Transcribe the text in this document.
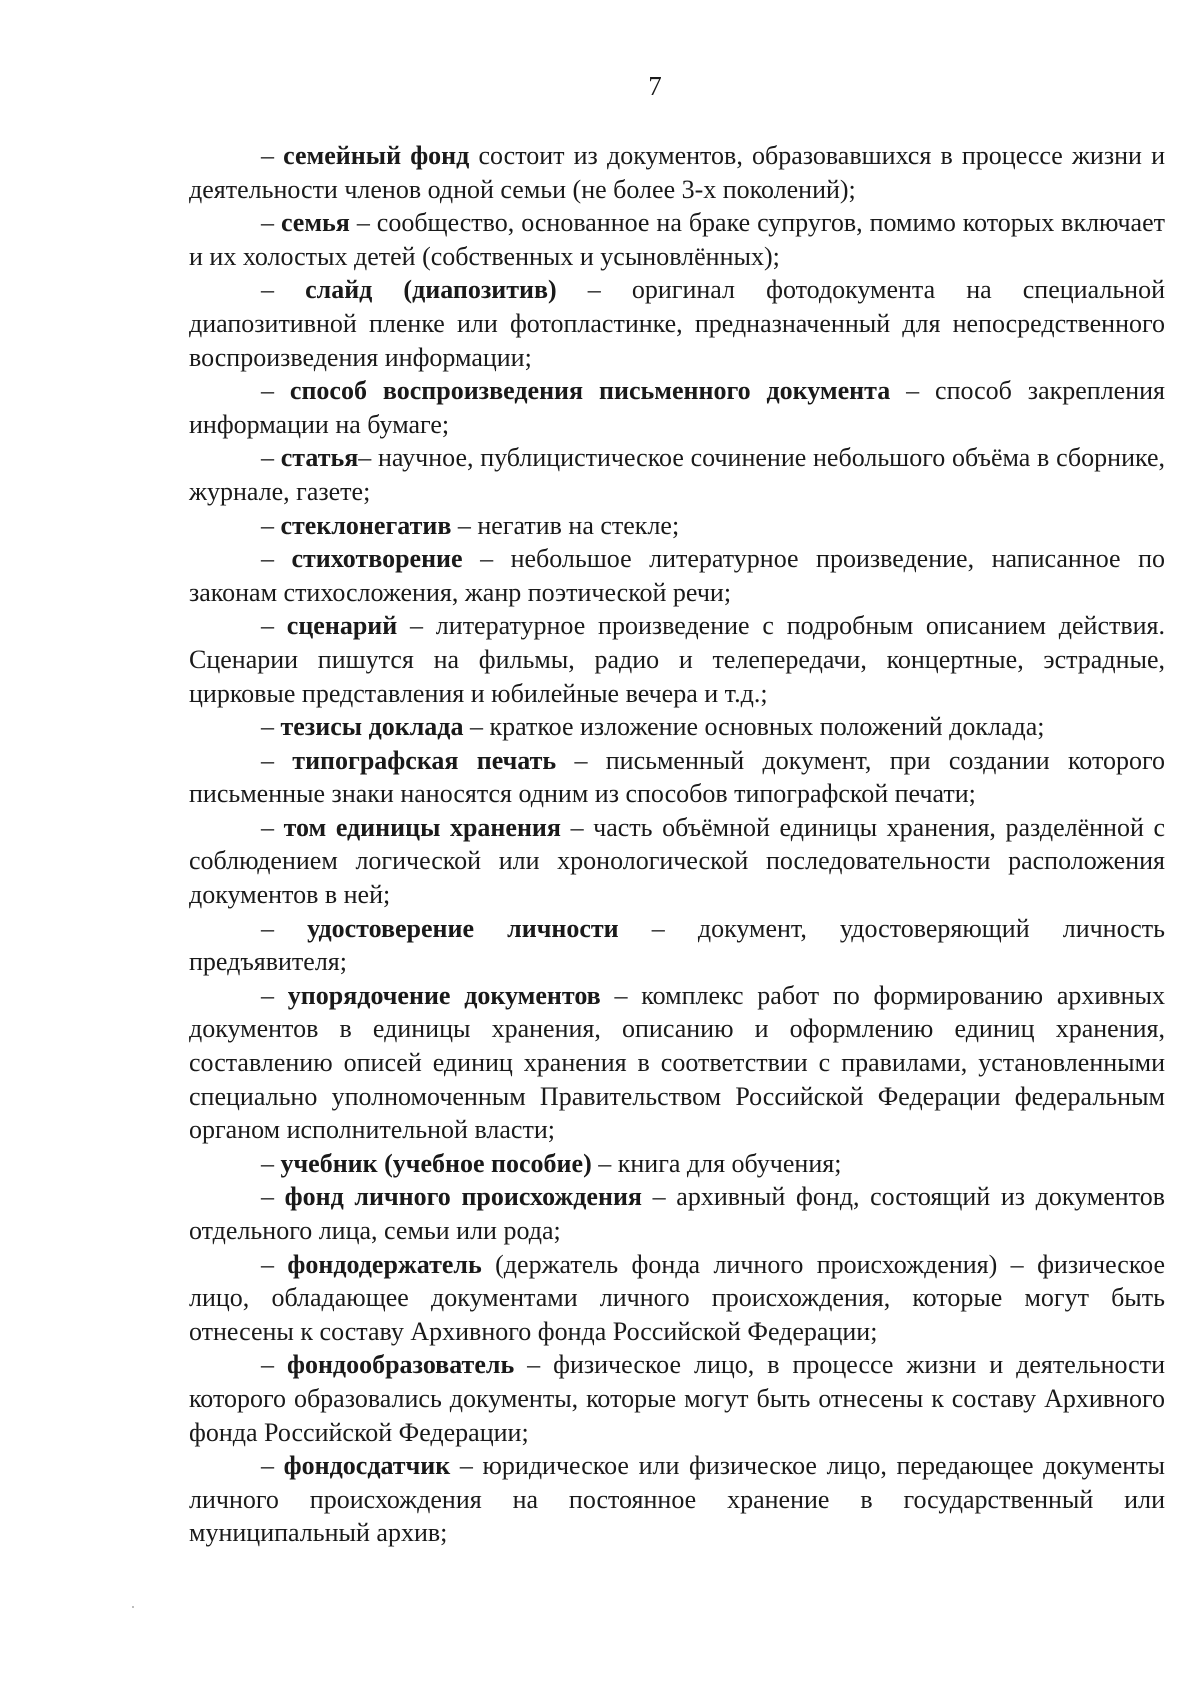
7

– семейный фонд состоит из документов, образовавшихся в процессе жизни и деятельности членов одной семьи (не более 3-х поколений);

– семья – сообщество, основанное на браке супругов, помимо которых включает и их холостых детей (собственных и усыновлённых);

– слайд (диапозитив) – оригинал фотодокумента на специальной диапозитивной пленке или фотопластинке, предназначенный для непосредственного воспроизведения информации;

– способ воспроизведения письменного документа – способ закрепления информации на бумаге;

– статья– научное, публицистическое сочинение небольшого объёма в сборнике, журнале, газете;

– стеклонегатив – негатив на стекле;

– стихотворение – небольшое литературное произведение, написанное по законам стихосложения, жанр поэтической речи;

– сценарий – литературное произведение с подробным описанием действия. Сценарии пишутся на фильмы, радио и телепередачи, концертные, эстрадные, цирковые представления и юбилейные вечера и т.д.;

– тезисы доклада – краткое изложение основных положений доклада;

– типографская печать – письменный документ, при создании которого письменные знаки наносятся одним из способов типографской печати;

– том единицы хранения – часть объёмной единицы хранения, разделённой с соблюдением логической или хронологической последовательности расположения документов в ней;

– удостоверение личности – документ, удостоверяющий личность предъявителя;

– упорядочение документов – комплекс работ по формированию архивных документов в единицы хранения, описанию и оформлению единиц хранения, составлению описей единиц хранения в соответствии с правилами, установленными специально уполномоченным Правительством Российской Федерации федеральным органом исполнительной власти;

– учебник (учебное пособие) – книга для обучения;

– фонд личного происхождения – архивный фонд, состоящий из документов отдельного лица, семьи или рода;

– фондодержатель (держатель фонда личного происхождения) – физическое лицо, обладающее документами личного происхождения, которые могут быть отнесены к составу Архивного фонда Российской Федерации;

– фондообразователь – физическое лицо, в процессе жизни и деятельности которого образовались документы, которые могут быть отнесены к составу Архивного фонда Российской Федерации;

– фондосдатчик – юридическое или физическое лицо, передающее документы личного происхождения на постоянное хранение в государственный или муниципальный архив;
